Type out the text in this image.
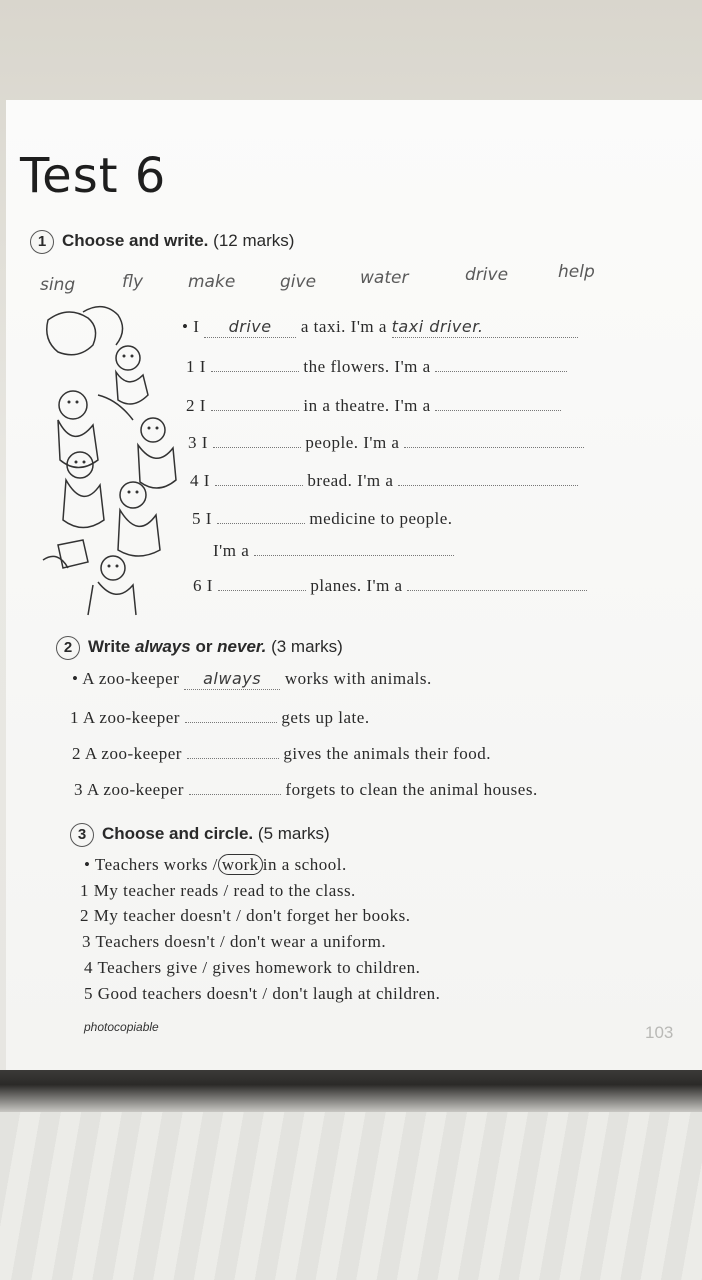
Test 6
1 Choose and write. (12 marks)
sing	fly	make	give	water	drive	help
• I drive a taxi. I'm a taxi driver.
1 I	the flowers. I'm a
2 I	in a theatre. I'm a
3 I	people. I'm a
4 I	bread. I'm a
5 I	medicine to people.
I'm a
6 I	planes. I'm a
2 Write always or never. (3 marks)
• A zoo-keeper always works with animals.
1 A zoo-keeper	gets up late.
2 A zoo-keeper	gives the animals their food.
3 A zoo-keeper	forgets to clean the animal houses.
3 Choose and circle. (5 marks)
• Teachers works / work in a school.
1 My teacher reads / read to the class.
2 My teacher doesn't / don't forget her books.
3 Teachers doesn't / don't wear a uniform.
4 Teachers give / gives homework to children.
5 Good teachers doesn't / don't laugh at children.
photocopiable	103
